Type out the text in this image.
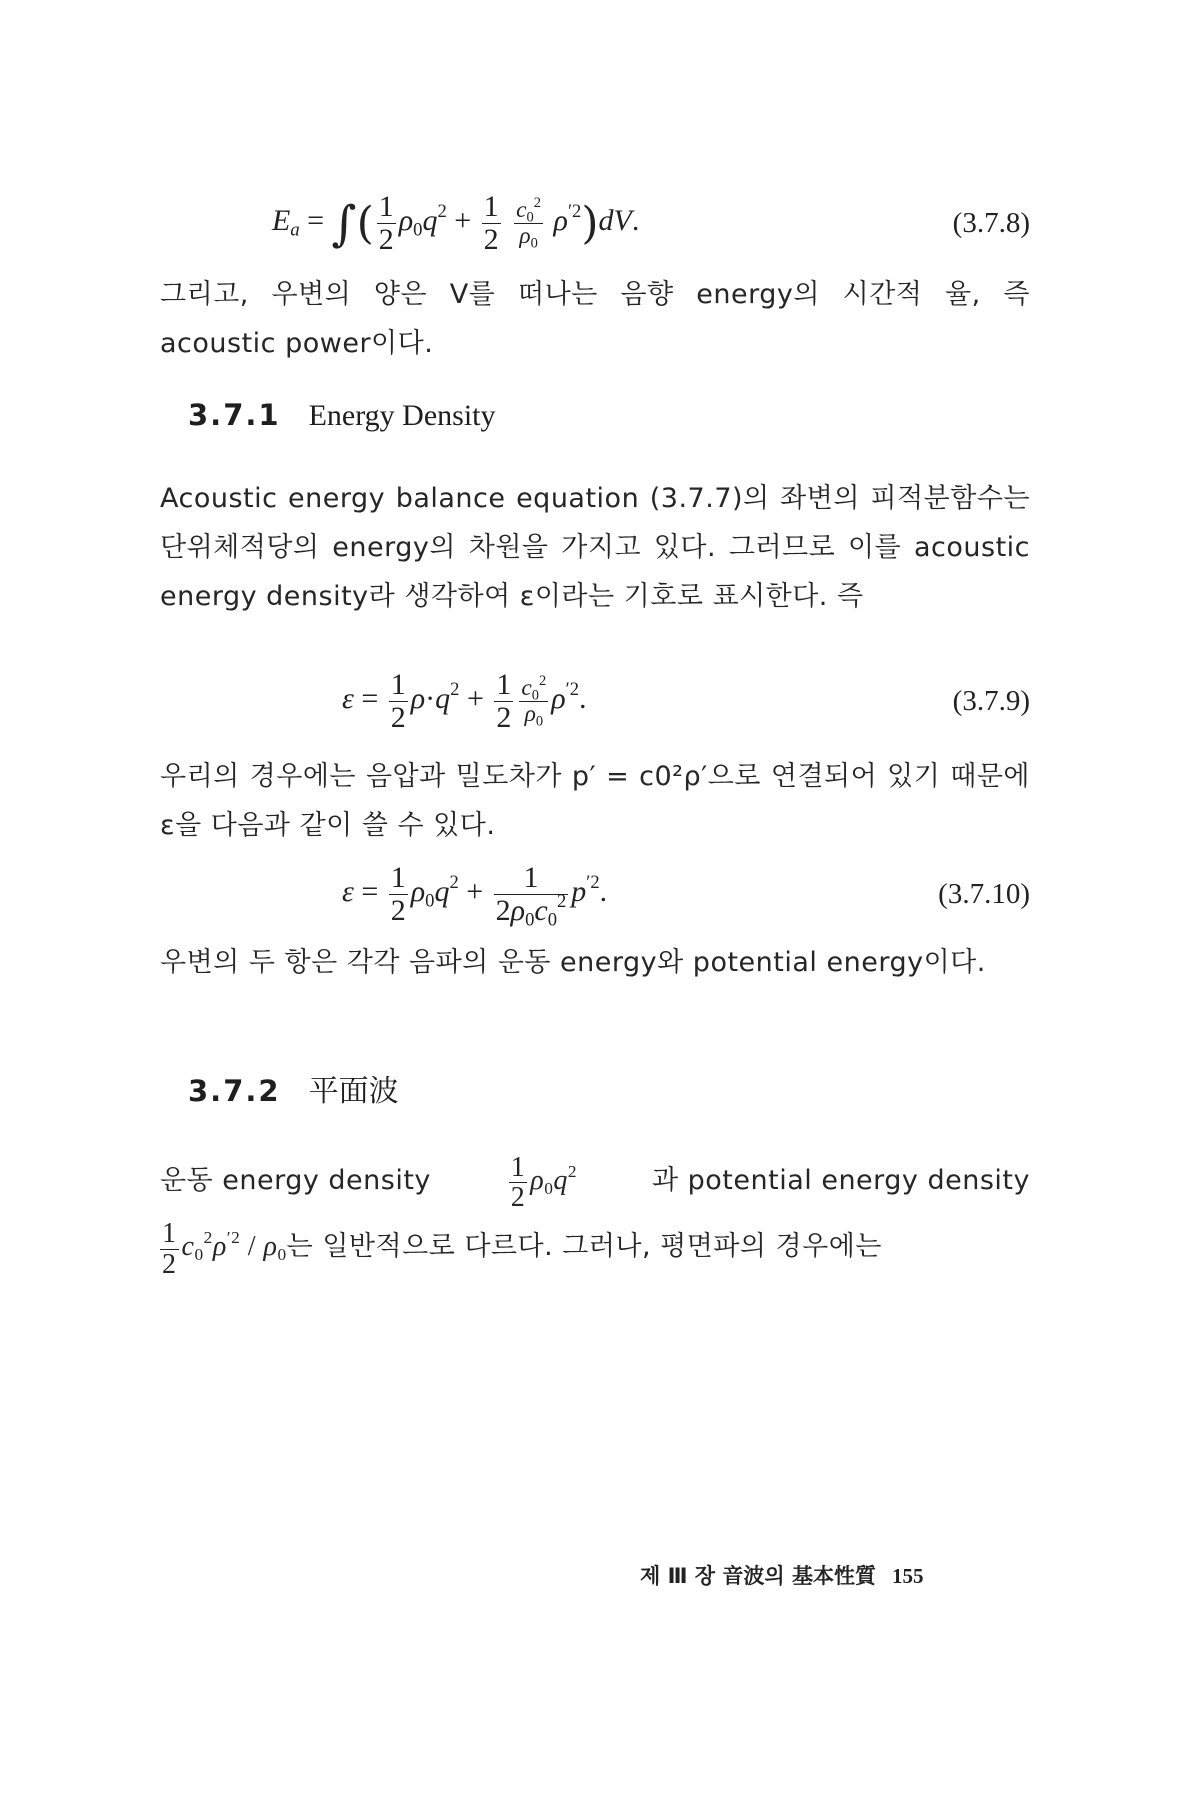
$E_a$ = ∫( $\frac{1}{2} \rho_0q^2 + \frac{1}{2}$
$\frac{c_0^2}{\rho_0} \rho^{'2})dV$.	(3.7.8)
그리고, 우변의 양은 V를 떠나는 음향 energy의 시간적 율, 즉 acoustic power이다.
3.7.1 Energy Density
Acoustic energy balance equation (3.7.7)의 좌변의 피적분함수는 단위체적당의 energy의 차원을 가지고 있다. 그러므로 이를 acoustic energy density라 생각하여 ε이라는 기호로 표시한다. 즉
$\varepsilon = \frac{1}{2} \rho\cdot q^2 + \frac{1}{2} \frac{c_0^2}{\rho_0} \rho^{'2}$.	(3.7.9)
우리의 경우에는 음압과 밀도차가 p′ = c0²ρ′으로 연결되어 있기 때문에 ε을 다음과 같이 쓸 수 있다.
$\varepsilon = \frac{1}{2} \rho_0q^2 + \frac{1}{2\rho_0c_0^2} p^{'2}$.	(3.7.10)
우변의 두 항은 각각 음파의 운동 energy와 potential energy이다.
3.7.2 平面波
운동 energy density	$\frac{1}{2} \rho_0q^2$	과 potential energy density
$\frac{1}{2} c_0^2\rho^{'2} / \rho_0$는 일반적으로 다르다. 그러나, 평면파의 경우에는
제 Ⅲ 장 音波의 基本性質 155
